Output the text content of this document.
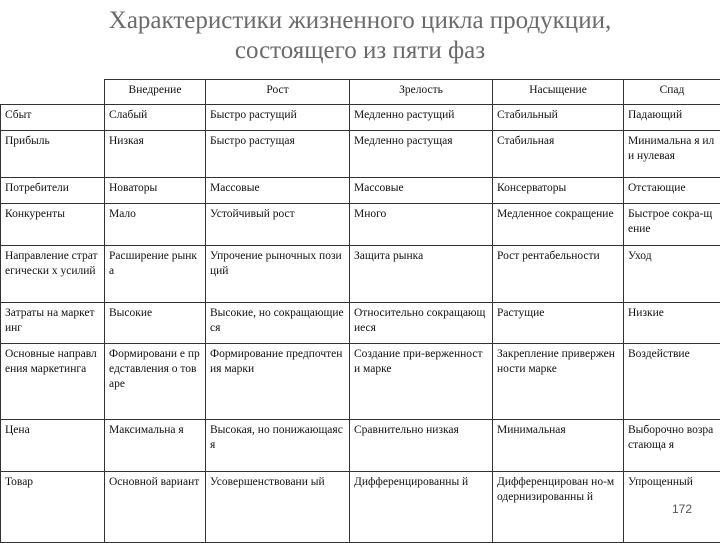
Характеристики жизненного цикла продукции,
состоящего из пяти фаз
	Внедрение	Рост	Зрелость	Насыщение	Спад
Сбыт	Слабый	Быстро растущий	Медленно растущий	Стабильный	Падающий
Прибыль	Низкая	Быстро растущая	Медленно растущая	Стабильная	Минимальна я или нулевая
Потребители	Новаторы	Массовые	Массовые	Консерваторы	Отстающие
Конкуренты	Мало	Устойчивый рост	Много	Медленное сокращение	Быстрое сокра-щение
Направление стратегически х усилий	Расширение рынка	Упрочение рыночных позиций	Защита рынка	Рост рентабельности	Уход
Затраты на маркетинг	Высокие	Высокие, но сокращающиеся	Относительно сокращающиеся	Растущие	Низкие
Основные направления маркетинга	Формировани е представления о товаре	Формирование предпочтения марки	Создание при-верженности марке	Закрепление приверженности марке	Воздействие
Цена	Максимальна я	Высокая, но понижающаяся	Сравнительно низкая	Минимальная	Выборочно возрастающа я
Товар	Основной вариант	Усовершенствовани ый	Дифференцированны й	Дифференцирован но-модернизированны й	Упрощенный
172
